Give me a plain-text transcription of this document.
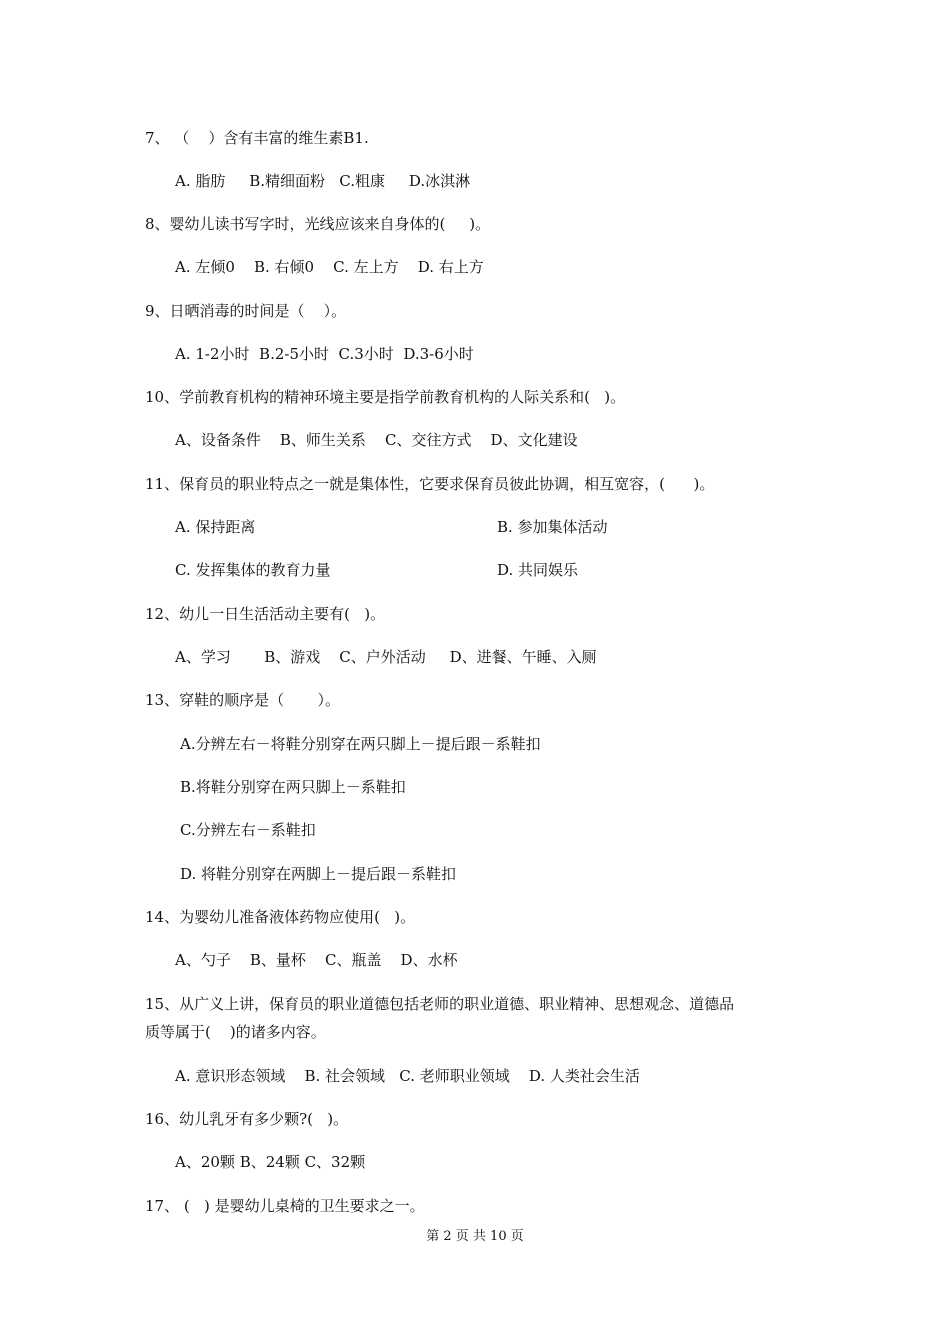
7、 （    ）含有丰富的维生素B1.
A. 脂肪     B.精细面粉   C.粗康     D.冰淇淋
8、婴幼儿读书写字时，光线应该来自身体的(     )。
A. 左倾0    B. 右倾0    C. 左上方    D. 右上方
9、日晒消毒的时间是（    ）。
A. 1-2小时  B.2-5小时  C.3小时  D.3-6小时
10、学前教育机构的精神环境主要是指学前教育机构的人际关系和(   )。
A、设备条件    B、师生关系    C、交往方式    D、文化建设
11、保育员的职业特点之一就是集体性，它要求保育员彼此协调，相互宽容，(      )。
A. 保持距离	B. 参加集体活动
C. 发挥集体的教育力量	D. 共同娱乐
12、幼儿一日生活活动主要有(   )。
A、学习       B、游戏    C、户外活动     D、进餐、午睡、入厕
13、穿鞋的顺序是（       ）。
A.分辨左右－将鞋分别穿在两只脚上－提后跟－系鞋扣
B.将鞋分别穿在两只脚上－系鞋扣
C.分辨左右－系鞋扣
D. 将鞋分别穿在两脚上－提后跟－系鞋扣
14、为婴幼儿准备液体药物应使用(   )。
A、勺子    B、量杯    C、瓶盖    D、水杯
15、从广义上讲，保育员的职业道德包括老师的职业道德、职业精神、思想观念、道德品
质等属于(    )的诸多内容。
A. 意识形态领域    B. 社会领域   C. 老师职业领域    D. 人类社会生活
16、幼儿乳牙有多少颗?(   )。
A、20颗 B、24颗 C、32颗
17、 (   ) 是婴幼儿桌椅的卫生要求之一。
第 2 页 共 10 页
